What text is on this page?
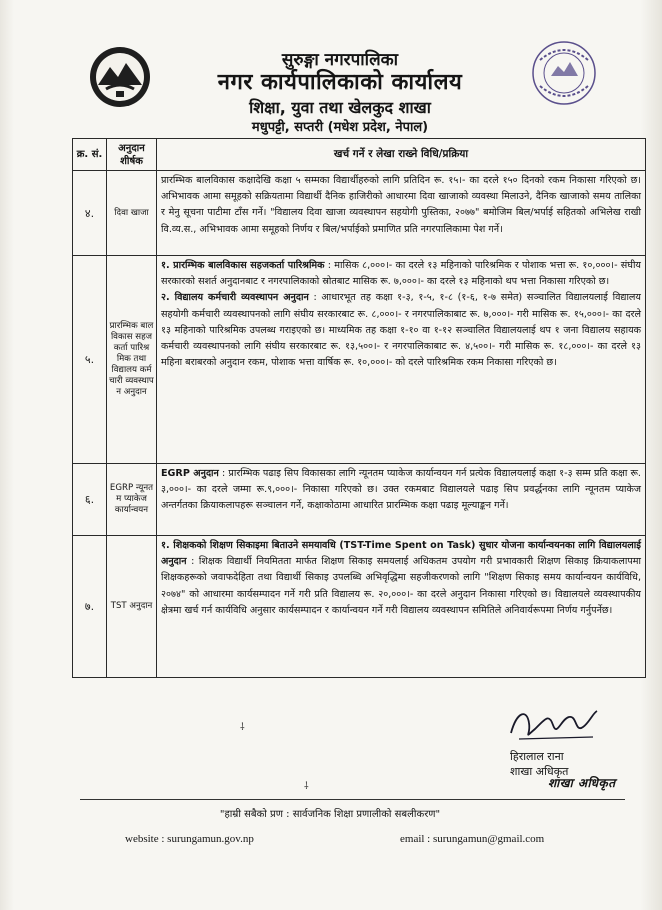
सुरुङ्गा नगरपालिका

नगर कार्यपालिकाको कार्यालय

शिक्षा, युवा तथा खेलकुद शाखा

मधुपट्टी, सप्तरी (मधेश प्रदेश, नेपाल)

क्र. सं.	अनुदान शीर्षक	खर्च गर्ने र लेखा राख्ने विधि/प्रक्रिया
४.	दिवा खाजा	प्रारम्भिक बालविकास कक्षादेखि कक्षा ५ सम्मका विद्यार्थीहरुको लागि प्रतिदिन रू. १५।- का दरले १५० दिनको रकम निकासा गरिएको छ। अभिभावक आमा समूहको सक्रियतामा विद्यार्थी दैनिक हाजिरीको आधारमा दिवा खाजाको व्यवस्था मिलाउने, दैनिक खाजाको समय तालिका र मेनु सूचना पाटीमा टाँस गर्ने। "विद्यालय दिवा खाजा व्यवस्थापन सहयोगी पुस्तिका, २०७७" बमोजिम बिल/भर्पाई सहितको अभिलेख राखी वि.व्य.स., अभिभावक आमा समूहको निर्णय र बिल/भर्पाईको प्रमाणित प्रति नगरपालिकामा पेश गर्ने।

५.	प्रारम्भिक बालविकास सहजकर्ता पारिश्रमिक तथा विद्यालय कर्मचारी व्यवस्थापन अनुदान	१. प्रारम्भिक बालविकास सहजकर्ता पारिश्रमिक : मासिक ८,०००।- का दरले १३ महिनाको पारिश्रमिक र पोशाक भत्ता रू. १०,०००।- संघीय सरकारको सशर्त अनुदानबाट र नगरपालिकाको स्रोतबाट मासिक रू. ७,०००।- का दरले १३ महिनाको थप भत्ता निकासा गरिएको छ।

२. विद्यालय कर्मचारी व्यवस्थापन अनुदान : आधारभूत तह कक्षा १-३, १-५, १-८ (१-६, १-७ समेत) सञ्चालित विद्यालयलाई विद्यालय सहयोगी कर्मचारी व्यवस्थापनको लागि संघीय सरकारबाट रू. ८,०००।- र नगरपालिकाबाट रू. ७,०००।- गरी मासिक रू. १५,०००।- का दरले १३ महिनाको पारिश्रमिक उपलब्ध गराइएको छ। माध्यमिक तह कक्षा १-१० वा १-१२ सञ्चालित विद्यालयलाई थप १ जना विद्यालय सहायक कर्मचारी व्यवस्थापनको लागि संघीय सरकारबाट रू. १३,५००।- र नगरपालिकाबाट रू. ४,५००।- गरी मासिक रू. १८,०००।- का दरले १३ महिना बराबरको अनुदान रकम, पोशाक भत्ता वार्षिक रू. १०,०००।- को दरले पारिश्रमिक रकम निकासा गरिएको छ।

६.	EGRP न्यूनतम प्याकेज कार्यान्वयन	EGRP अनुदान : प्रारम्भिक पढाइ सिप विकासका लागि न्यूनतम प्याकेज कार्यान्वयन गर्न प्रत्येक विद्यालयलाई कक्षा १-३ सम्म प्रति कक्षा रू. ३,०००।- का दरले जम्मा रू.९,०००।- निकासा गरिएको छ। उक्त रकमबाट विद्यालयले पढाइ सिप प्रवर्द्धनका लागि न्यूनतम प्याकेज अन्तर्गतका क्रियाकलापहरू सञ्चालन गर्ने, कक्षाकोठामा आधारित प्रारम्भिक कक्षा पढाइ मूल्याङ्कन गर्ने।

७.	TST अनुदान	१. शिक्षकको शिक्षण सिकाइमा बिताउने समयावधि (TST-Time Spent on Task) सुधार योजना कार्यान्वयनका लागि विद्यालयलाई अनुदान : शिक्षक विद्यार्थी नियमितता मार्फत शिक्षण सिकाइ समयलाई अधिकतम उपयोग गरी प्रभावकारी शिक्षण सिकाइ क्रियाकलापमा शिक्षकहरूको जवाफदेहिता तथा विद्यार्थी सिकाइ उपलब्धि अभिवृद्धिमा सहजीकरणको लागि "शिक्षण सिकाइ समय कार्यान्वयन कार्यविधि, २०७४" को आधारमा कार्यसम्पादन गर्ने गरी प्रति विद्यालय रू. २०,०००।- का दरले अनुदान निकासा गरिएको छ। विद्यालयले व्यवस्थापकीय क्षेत्रमा खर्च गर्न कार्यविधि अनुसार कार्यसम्पादन र कार्यान्वयन गर्ने गरी विद्यालय व्यवस्थापन समितिले अनिवार्यरूपमा निर्णय गर्नुपर्नेछ।

हिरालाल राना

शाखा अधिकृत

शाखा अधिकृत
⸸
⸸

"हाम्री सबैको प्रण : सार्वजनिक शिक्षा प्रणालीको सबलीकरण"

website : surungamun.gov.np	email : surungamun@gmail.com
